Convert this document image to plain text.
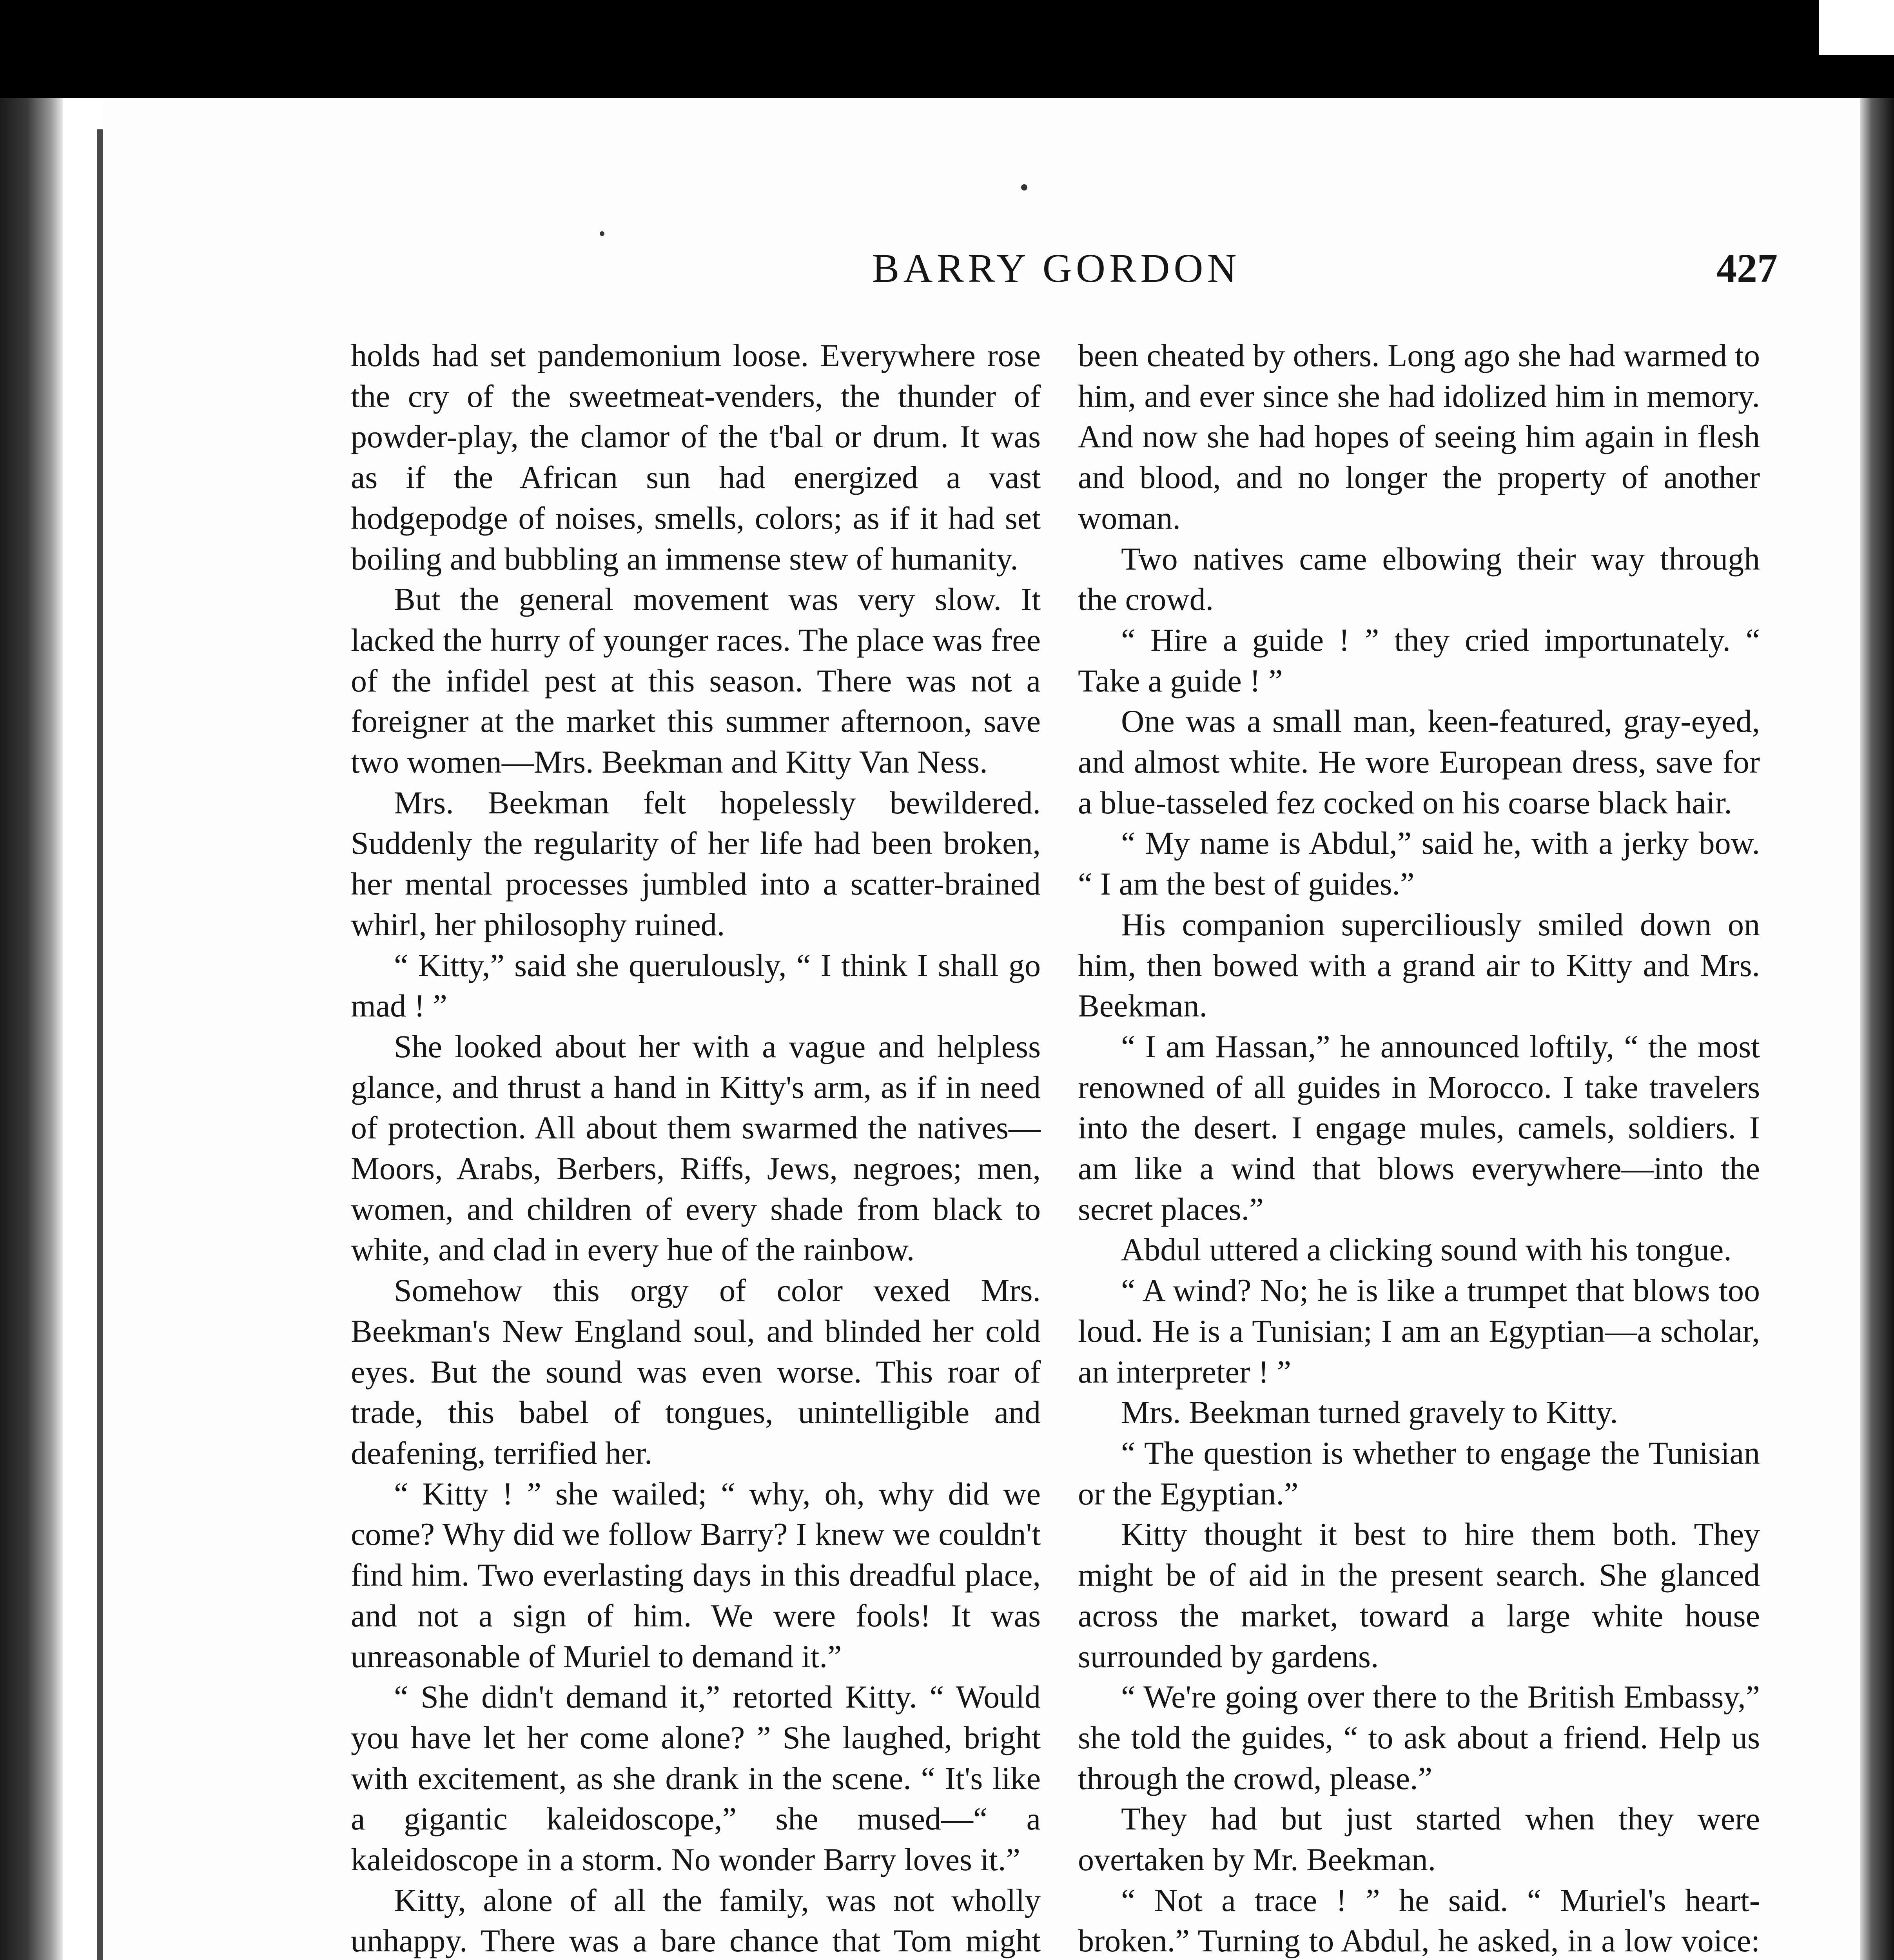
BARRY GORDON	427

holds had set pandemonium loose. Everywhere rose the cry of the sweetmeat-venders, the thunder of powder-play, the clamor of the t'bal or drum. It was as if the African sun had energized a vast hodgepodge of noises, smells, colors; as if it had set boiling and bubbling an immense stew of humanity.

But the general movement was very slow. It lacked the hurry of younger races. The place was free of the infidel pest at this season. There was not a foreigner at the market this summer afternoon, save two women—Mrs. Beekman and Kitty Van Ness.

Mrs. Beekman felt hopelessly bewildered. Suddenly the regularity of her life had been broken, her mental processes jumbled into a scatter-brained whirl, her philosophy ruined.

“ Kitty,” said she querulously, “ I think I shall go mad ! ”

She looked about her with a vague and helpless glance, and thrust a hand in Kitty's arm, as if in need of protection. All about them swarmed the natives—Moors, Arabs, Berbers, Riffs, Jews, negroes; men, women, and children of every shade from black to white, and clad in every hue of the rainbow.

Somehow this orgy of color vexed Mrs. Beekman's New England soul, and blinded her cold eyes. But the sound was even worse. This roar of trade, this babel of tongues, unintelligible and deafening, terrified her.

“ Kitty ! ” she wailed; “ why, oh, why did we come? Why did we follow Barry? I knew we couldn't find him. Two everlasting days in this dreadful place, and not a sign of him. We were fools! It was unreasonable of Muriel to demand it.”

“ She didn't demand it,” retorted Kitty. “ Would you have let her come alone? ” She laughed, bright with excitement, as she drank in the scene. “ It's like a gigantic kaleidoscope,” she mused—“ a kaleidoscope in a storm. No wonder Barry loves it.”

Kitty, alone of all the family, was not wholly unhappy. There was a bare chance that Tom might

been cheated by others. Long ago she had warmed to him, and ever since she had idolized him in memory. And now she had hopes of seeing him again in flesh and blood, and no longer the property of another woman.

Two natives came elbowing their way through the crowd.

“ Hire a guide ! ” they cried importunately. “ Take a guide ! ”

One was a small man, keen-featured, gray-eyed, and almost white. He wore European dress, save for a blue-tasseled fez cocked on his coarse black hair.

“ My name is Abdul,” said he, with a jerky bow. “ I am the best of guides.”

His companion superciliously smiled down on him, then bowed with a grand air to Kitty and Mrs. Beekman.

“ I am Hassan,” he announced loftily, “ the most renowned of all guides in Morocco. I take travelers into the desert. I engage mules, camels, soldiers. I am like a wind that blows everywhere—into the secret places.”

Abdul uttered a clicking sound with his tongue.

“ A wind? No; he is like a trumpet that blows too loud. He is a Tunisian; I am an Egyptian—a scholar, an interpreter ! ”

Mrs. Beekman turned gravely to Kitty.

“ The question is whether to engage the Tunisian or the Egyptian.”

Kitty thought it best to hire them both. They might be of aid in the present search. She glanced across the market, toward a large white house surrounded by gardens.

“ We're going over there to the British Embassy,” she told the guides, “ to ask about a friend. Help us through the crowd, please.”

They had but just started when they were overtaken by Mr. Beekman.

“ Not a trace ! ” he said. “ Muriel's heart-broken.” Turning to Abdul, he asked, in a low voice:
